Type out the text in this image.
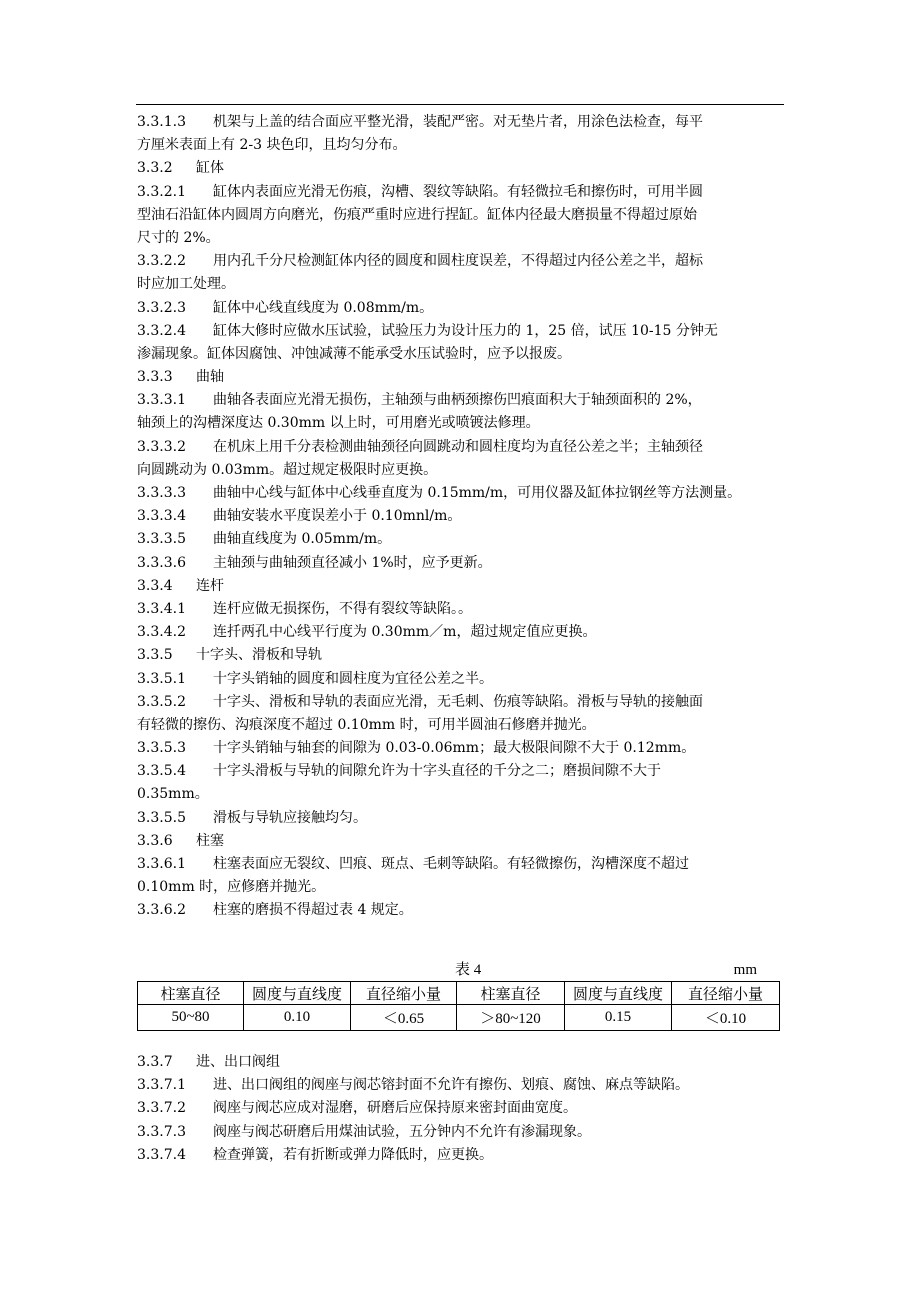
3.3.1.3 机架与上盖的结合面应平整光滑，装配严密。对无垫片者，用涂色法检查，每平
方厘米表面上有 2-3 块色印，且均匀分布。
3.3.2 缸体
3.3.2.1 缸体内表面应光滑无伤痕，沟槽、裂纹等缺陷。有轻微拉毛和擦伤时，可用半圆
型油石沿缸体内圆周方向磨光，伤痕严重时应进行捏缸。缸体内径最大磨损量不得超过原始
尺寸的 2%。
3.3.2.2 用内孔千分尺检测缸体内径的圆度和圆柱度误差，不得超过内径公差之半，超标
时应加工处理。
3.3.2.3 缸体中心线直线度为 0.08mm/m。
3.3.2.4 缸体大修时应做水压试验，试验压力为设计压力的 1，25 倍，试压 10-15 分钟无
渗漏现象。缸体因腐蚀、冲蚀减薄不能承受水压试验时，应予以报废。
3.3.3 曲轴
3.3.3.1 曲轴各表面应光滑无损伤，主轴颈与曲柄颈擦伤凹痕面积大于轴颈面积的 2%，
轴颈上的沟槽深度达 0.30mm 以上时，可用磨光或喷镀法修理。
3.3.3.2 在机床上用千分表检测曲轴颈径向圆跳动和圆柱度均为直径公差之半；主轴颈径
向圆跳动为 0.03mm。超过规定极限时应更换。
3.3.3.3 曲轴中心线与缸体中心线垂直度为 0.15mm/m，可用仪器及缸体拉钢丝等方法测量。
3.3.3.4 曲轴安装水平度误差小于 0.10mnl/m。
3.3.3.5 曲轴直线度为 0.05mm/m。
3.3.3.6 主轴颈与曲轴颈直径减小 1%时，应予更新。
3.3.4 连杆
3.3.4.1 连杆应做无损探伤，不得有裂纹等缺陷。。
3.3.4.2 连扦两孔中心线平行度为 0.30mm／m，超过规定值应更换。
3.3.5 十字头、滑板和导轨
3.3.5.1 十字头销轴的圆度和圆柱度为宜径公差之半。
3.3.5.2 十字头、滑板和导轨的表面应光滑，无毛刺、伤痕等缺陷。滑板与导轨的接触面
有轻微的擦伤、沟痕深度不超过 0.10mm 时，可用半圆油石修磨并抛光。
3.3.5.3 十字头销轴与轴套的间隙为 0.03-0.06mm；最大极限间隙不大于 0.12mm。
3.3.5.4 十字头滑板与导轨的间隙允许为十字头直径的千分之二；磨损间隙不大于
0.35mm。
3.3.5.5 滑板与导轨应接触均匀。
3.3.6 柱塞
3.3.6.1 柱塞表面应无裂纹、凹痕、斑点、毛刺等缺陷。有轻微擦伤，沟槽深度不超过
0.10mm 时，应修磨并抛光。
3.3.6.2 柱塞的磨损不得超过表 4 规定。
表 4	mm
柱塞直径	圆度与直线度	直径缩小量	柱塞直径	圆度与直线度	直径缩小量
50~80	0.10	＜0.65	＞80~120	0.15	＜0.10
3.3.7 进、出口阀组
3.3.7.1 进、出口阀组的阀座与阀芯镕封面不允许有擦伤、划痕、腐蚀、麻点等缺陷。
3.3.7.2 阀座与阀芯应成对湿磨，研磨后应保持原来密封面曲宽度。
3.3.7.3 阀座与阀芯研磨后用煤油试验，五分钟内不允许有渗漏现象。
3.3.7.4 检查弹簧，若有折断或弹力降低时，应更换。
